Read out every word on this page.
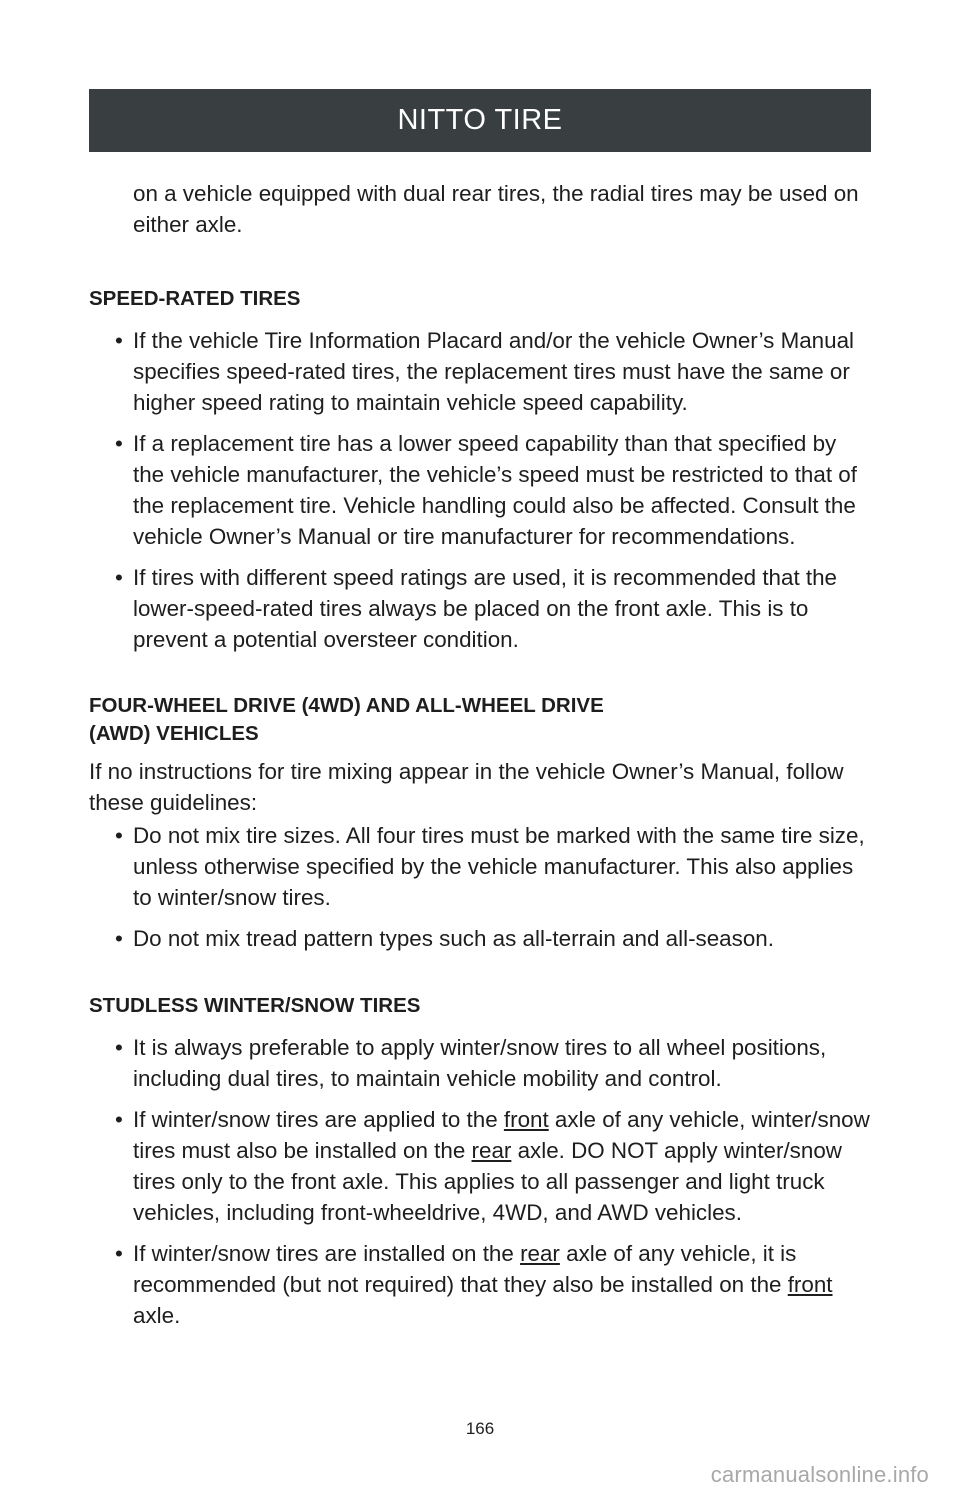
NITTO TIRE

on a vehicle equipped with dual rear tires, the radial tires may be used on either axle.

SPEED-RATED TIRES

• If the vehicle Tire Information Placard and/or the vehicle Owner’s Manual specifies speed-rated tires, the replacement tires must have the same or higher speed rating to maintain vehicle speed capability.

• If a replacement tire has a lower speed capability than that specified by the vehicle manufacturer, the vehicle’s speed must be restricted to that of the replacement tire. Vehicle handling could also be affected. Consult the vehicle Owner’s Manual or tire manufacturer for recommendations.

• If tires with different speed ratings are used, it is recommended that the lower-speed-rated tires always be placed on the front axle. This is to prevent a potential oversteer condition.

FOUR-WHEEL DRIVE (4WD) AND ALL-WHEEL DRIVE
(AWD) VEHICLES

If no instructions for tire mixing appear in the vehicle Owner’s Manual, follow these guidelines:

• Do not mix tire sizes. All four tires must be marked with the same tire size, unless otherwise specified by the vehicle manufacturer. This also applies to winter/snow tires.

• Do not mix tread pattern types such as all-terrain and all-season.

STUDLESS WINTER/SNOW TIRES

• It is always preferable to apply winter/snow tires to all wheel positions, including dual tires, to maintain vehicle mobility and control.

• If winter/snow tires are applied to the front axle of any vehicle, winter/snow tires must also be installed on the rear axle. DO NOT apply winter/snow tires only to the front axle. This applies to all passenger and light truck vehicles, including front-wheeldrive, 4WD, and AWD vehicles.

• If winter/snow tires are installed on the rear axle of any vehicle, it is recommended (but not required) that they also be installed on the front axle.

166
carmanualsonline.info
